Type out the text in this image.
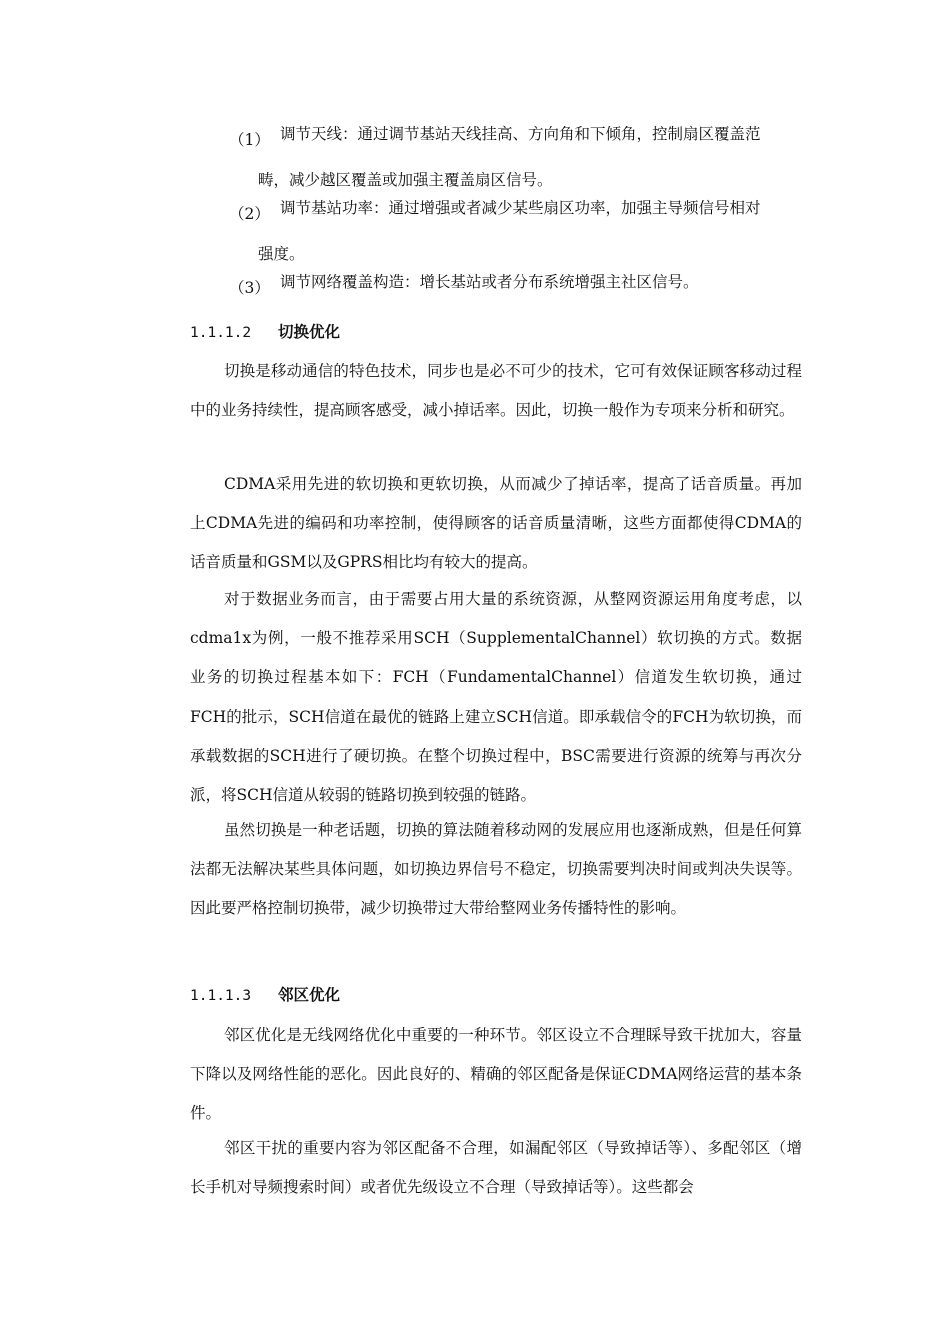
（1） 调节天线：通过调节基站天线挂高、方向角和下倾角，控制扇区覆盖范
畴，减少越区覆盖或加强主覆盖扇区信号。
（2） 调节基站功率：通过增强或者减少某些扇区功率，加强主导频信号相对
强度。
（3） 调节网络覆盖构造：增长基站或者分布系统增强主社区信号。
1.1.1.2 切换优化

切换是移动通信的特色技术，同步也是必不可少的技术，它可有效保证顾客移动过程中的业务持续性，提高顾客感受，减小掉话率。因此，切换一般作为专项来分析和研究。

CDMA采用先进的软切换和更软切换，从而减少了掉话率，提高了话音质量。再加上CDMA先进的编码和功率控制，使得顾客的话音质量清晰，这些方面都使得CDMA的话音质量和GSM以及GPRS相比均有较大的提高。

对于数据业务而言，由于需要占用大量的系统资源，从整网资源运用角度考虑，以cdma1x为例，一般不推荐采用SCH（SupplementalChannel）软切换的方式。数据业务的切换过程基本如下：FCH（FundamentalChannel）信道发生软切换，通过FCH的批示，SCH信道在最优的链路上建立SCH信道。即承载信令的FCH为软切换，而承载数据的SCH进行了硬切换。在整个切换过程中，BSC需要进行资源的统筹与再次分派，将SCH信道从较弱的链路切换到较强的链路。

虽然切换是一种老话题，切换的算法随着移动网的发展应用也逐渐成熟，但是任何算法都无法解决某些具体问题，如切换边界信号不稳定，切换需要判决时间或判决失误等。因此要严格控制切换带，减少切换带过大带给整网业务传播特性的影响。

1.1.1.3 邻区优化

邻区优化是无线网络优化中重要的一种环节。邻区设立不合理睬导致干扰加大，容量下降以及网络性能的恶化。因此良好的、精确的邻区配备是保证CDMA网络运营的基本条件。

邻区干扰的重要内容为邻区配备不合理，如漏配邻区（导致掉话等）、多配邻区（增长手机对导频搜索时间）或者优先级设立不合理（导致掉话等）。这些都会
